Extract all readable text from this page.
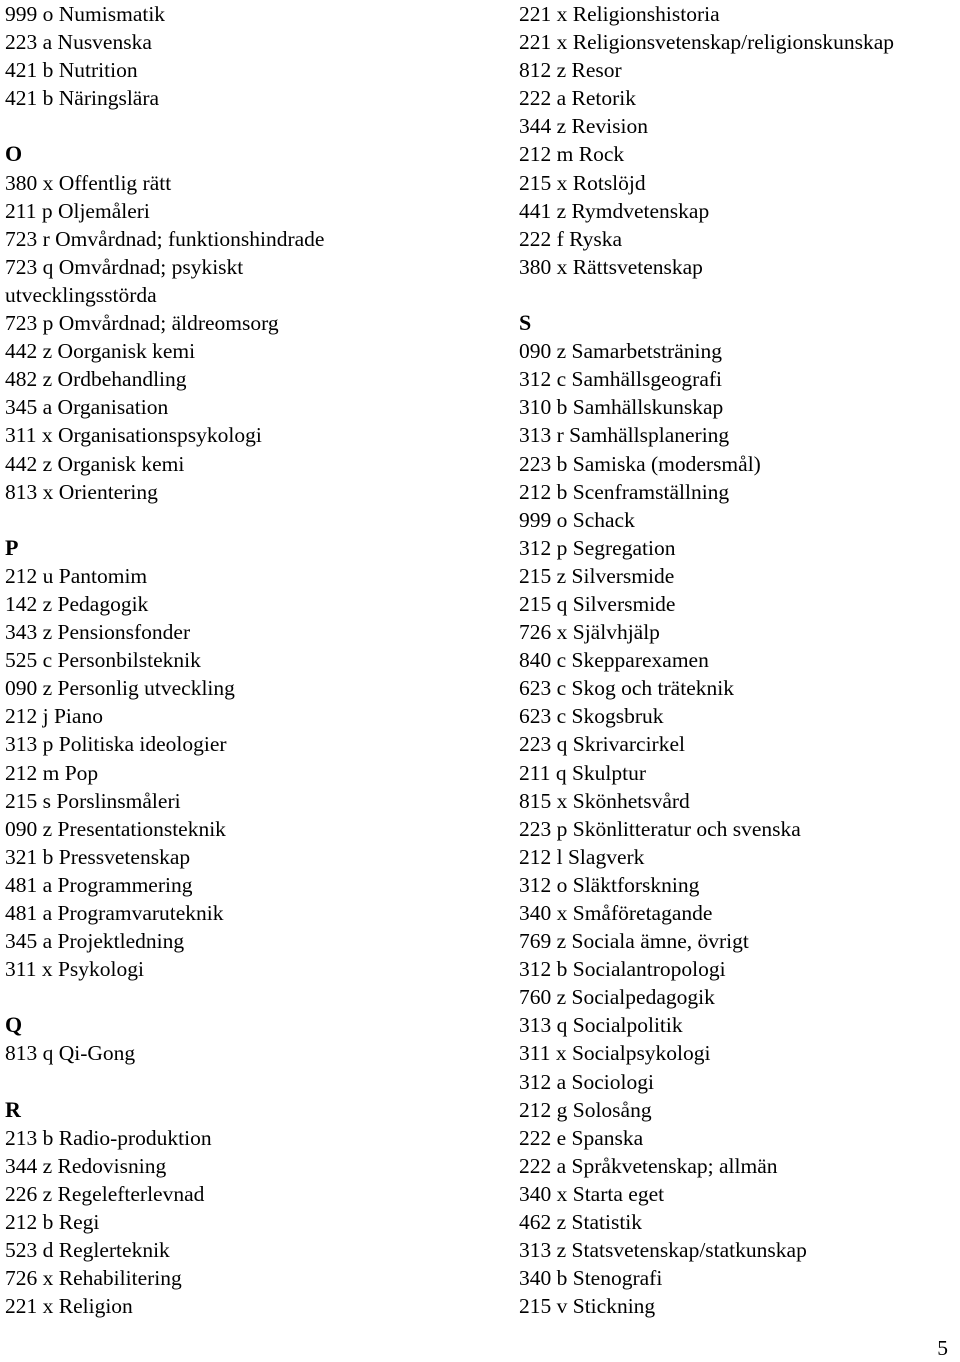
999 o Numismatik
223 a Nusvenska
421 b Nutrition
421 b Näringslära
O
380 x Offentlig rätt
211 p Oljemåleri
723 r Omvårdnad; funktionshindrade
723 q Omvårdnad; psykiskt
utvecklingsstörda
723 p Omvårdnad; äldreomsorg
442 z Oorganisk kemi
482 z Ordbehandling
345 a Organisation
311 x Organisationspsykologi
442 z Organisk kemi
813 x Orientering
P
212 u Pantomim
142 z Pedagogik
343 z Pensionsfonder
525 c Personbilsteknik
090 z Personlig utveckling
212 j Piano
313 p Politiska ideologier
212 m Pop
215 s Porslinsmåleri
090 z Presentationsteknik
321 b Pressvetenskap
481 a Programmering
481 a Programvaruteknik
345 a Projektledning
311 x Psykologi
Q
813 q Qi-Gong
R
213 b Radio-produktion
344 z Redovisning
226 z Regelefterlevnad
212 b Regi
523 d Reglerteknik
726 x Rehabilitering
221 x Religion
221 x Religionshistoria
221 x Religionsvetenskap/religionskunskap
812 z Resor
222 a Retorik
344 z Revision
212 m Rock
215 x Rotslöjd
441 z Rymdvetenskap
222 f Ryska
380 x Rättsvetenskap
S
090 z Samarbetsträning
312 c Samhällsgeografi
310 b Samhällskunskap
313 r Samhällsplanering
223 b Samiska (modersmål)
212 b Scenframställning
999 o Schack
312 p Segregation
215 z Silversmide
215 q Silversmide
726 x Självhjälp
840 c Skepparexamen
623 c Skog och träteknik
623 c Skogsbruk
223 q Skrivarcirkel
211 q Skulptur
815 x Skönhetsvård
223 p Skönlitteratur och svenska
212 l Slagverk
312 o Släktforskning
340 x Småföretagande
769 z Sociala ämne, övrigt
312 b Socialantropologi
760 z Socialpedagogik
313 q Socialpolitik
311 x Socialpsykologi
312 a Sociologi
212 g Solosång
222 e Spanska
222 a Språkvetenskap; allmän
340 x Starta eget
462 z Statistik
313 z Statsvetenskap/statkunskap
340 b Stenografi
215 v Stickning
5
